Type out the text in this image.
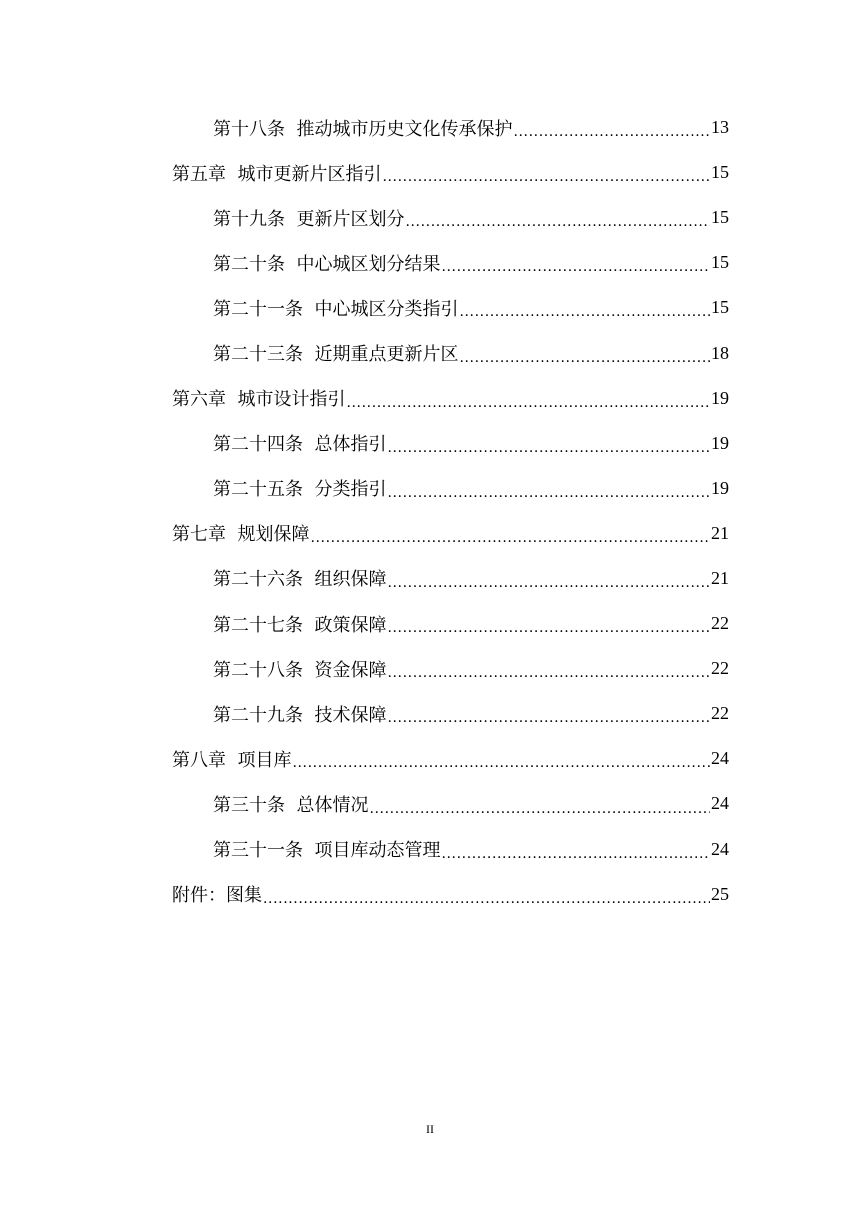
第十八条  推动城市历史文化传承保护 .....	13
第五章  城市更新片区指引 .....	15
第十九条  更新片区划分 .....	15
第二十条  中心城区划分结果 .....	15
第二十一条  中心城区分类指引 .....	15
第二十三条  近期重点更新片区 .....	18
第六章  城市设计指引 .....	19
第二十四条  总体指引 .....	19
第二十五条  分类指引 .....	19
第七章  规划保障 .....	21
第二十六条  组织保障 .....	21
第二十七条  政策保障 .....	22
第二十八条  资金保障 .....	22
第二十九条  技术保障 .....	22
第八章  项目库 .....	24
第三十条  总体情况 .....	24
第三十一条  项目库动态管理 .....	24
附件：图集 .....	25
II
